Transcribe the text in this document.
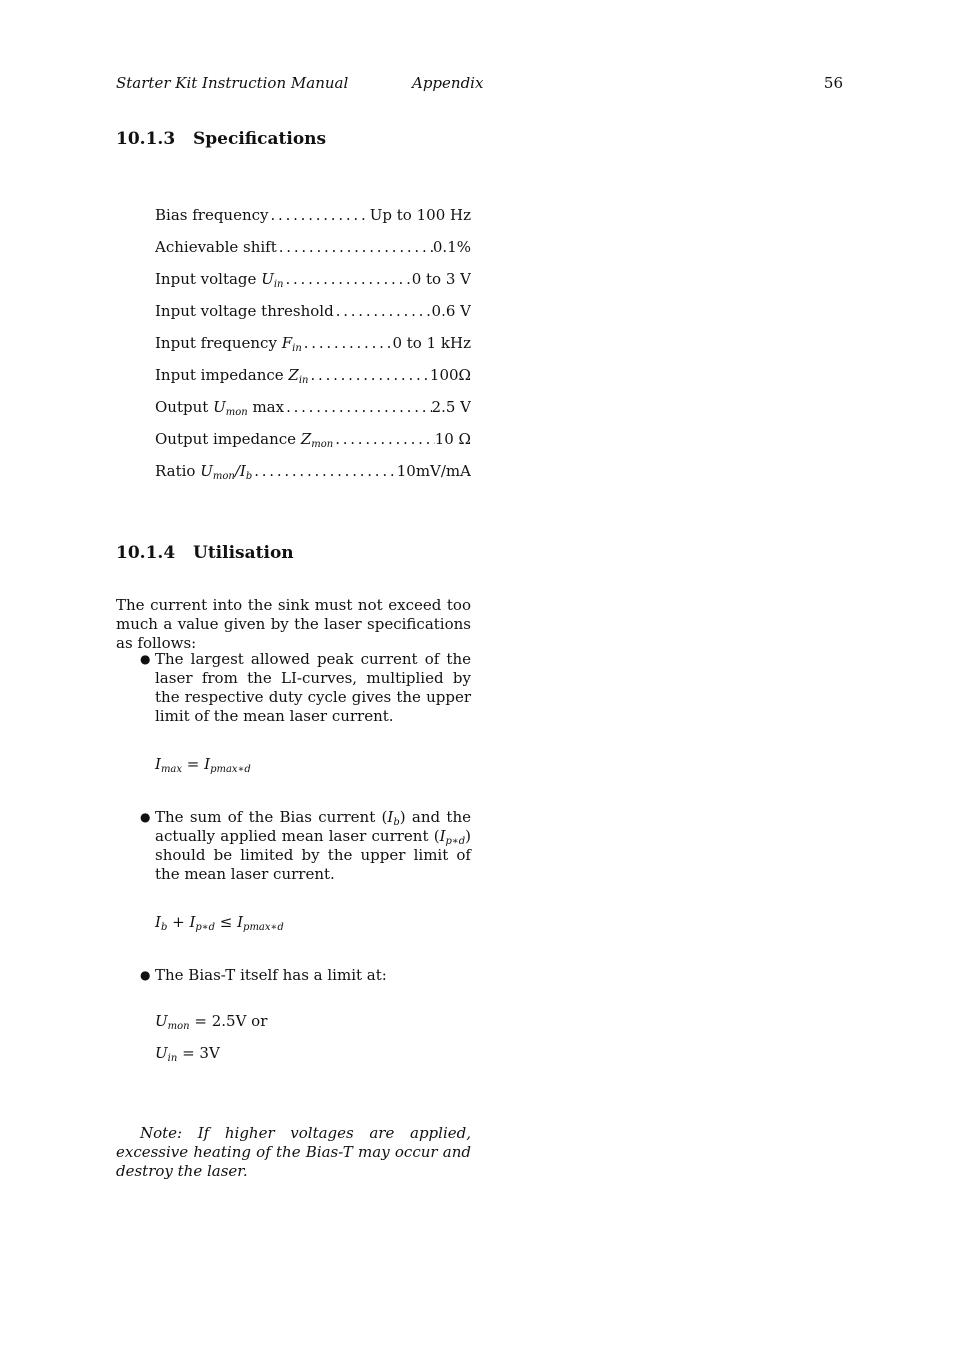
Starter Kit Instruction Manual	Appendix	56
10.1.3 Specifications
Bias frequency . . .	Up to 100 Hz
Achievable shift . . .	0.1%
Input voltage $U_{in}$ . . .	0 to 3 V
Input voltage threshold . . .	0.6 V
Input frequency $F_{in}$ . . .	0 to 1 kHz
Input impedance $Z_{in}$ . . .	100Ω
Output $U_{mon}$ max . . .	2.5 V
Output impedance $Z_{mon}$ . . .	10 Ω
Ratio $U_{mon}/I_b$ . . .	10mV/mA
10.1.4 Utilisation

The current into the sink must not exceed too much a value given by the laser specifications as follows:

● The largest allowed peak current of the laser from the LI-curves, multiplied by the respective duty cycle gives the upper limit of the mean laser current.

● The sum of the Bias current $(I_b)$ and the actually applied mean laser current $(I_{p∗d})$ should be limited by the upper limit of the mean laser current.

● The Bias-T itself has a limit at:

$I_{max} = I_{pmax∗d}$
$I_b + I_{p∗d} \le I_{pmax∗d}$
$U_{mon} = 2.5V$ or
$U_{in} = 3V$

Note: If higher voltages are applied, excessive heating of the Bias-T may occur and destroy the laser.
